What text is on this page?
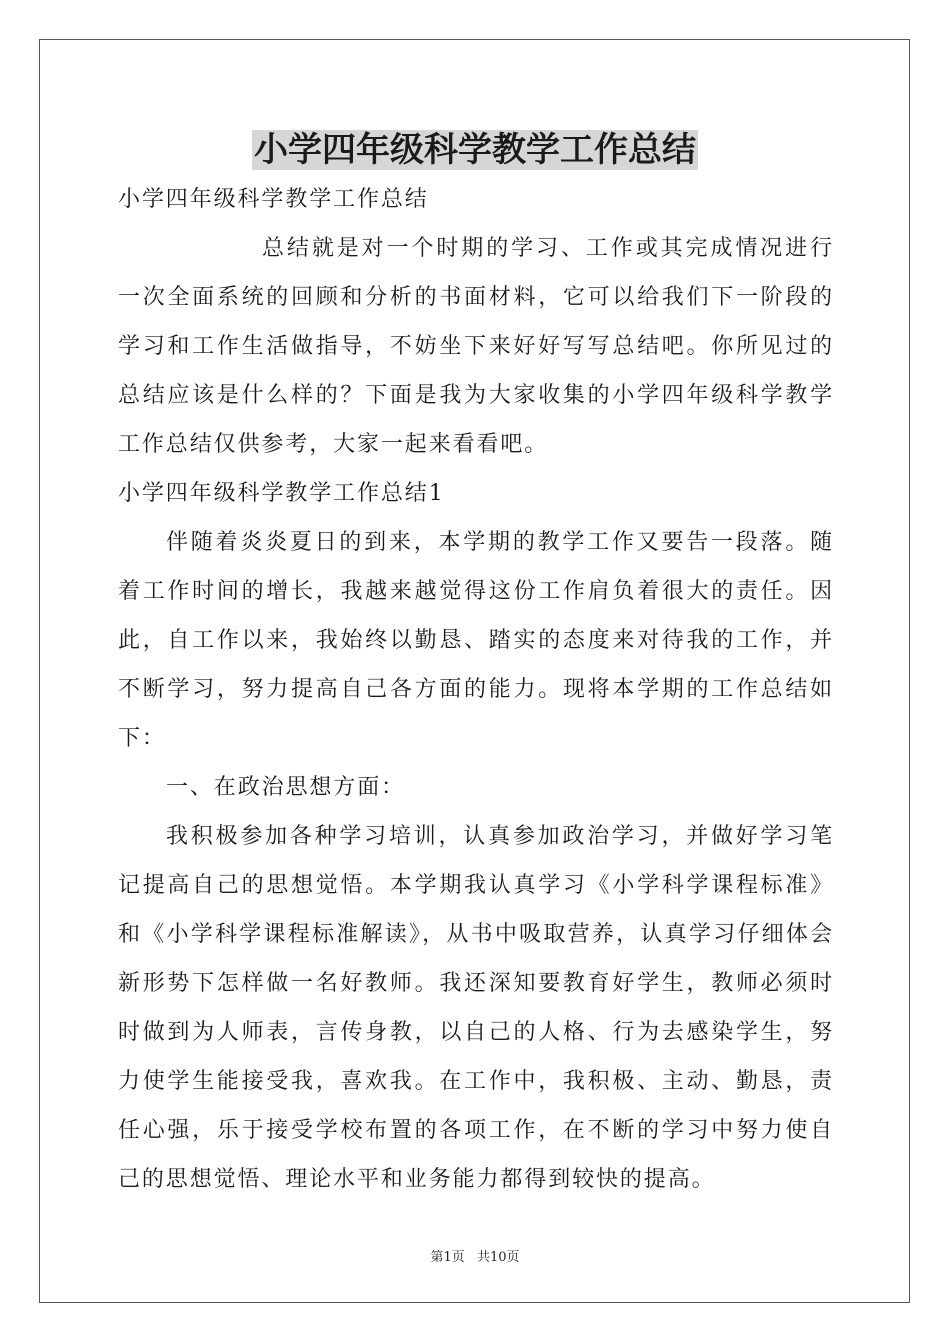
小学四年级科学教学工作总结

小学四年级科学教学工作总结

总结就是对一个时期的学习、工作或其完成情况进行一次全面系统的回顾和分析的书面材料，它可以给我们下一阶段的学习和工作生活做指导，不妨坐下来好好写写总结吧。你所见过的总结应该是什么样的？下面是我为大家收集的小学四年级科学教学工作总结仅供参考，大家一起来看看吧。

小学四年级科学教学工作总结1

伴随着炎炎夏日的到来，本学期的教学工作又要告一段落。随着工作时间的增长，我越来越觉得这份工作肩负着很大的责任。因此，自工作以来，我始终以勤恳、踏实的态度来对待我的工作，并不断学习，努力提高自己各方面的能力。现将本学期的工作总结如下：

一、在政治思想方面：

我积极参加各种学习培训，认真参加政治学习，并做好学习笔记提高自己的思想觉悟。本学期我认真学习《小学科学课程标准》和《小学科学课程标准解读》，从书中吸取营养，认真学习仔细体会新形势下怎样做一名好教师。我还深知要教育好学生，教师必须时时做到为人师表，言传身教，以自己的人格、行为去感染学生，努力使学生能接受我，喜欢我。在工作中，我积极、主动、勤恳，责任心强，乐于接受学校布置的各项工作，在不断的学习中努力使自己的思想觉悟、理论水平和业务能力都得到较快的提高。

第1页 共10页
